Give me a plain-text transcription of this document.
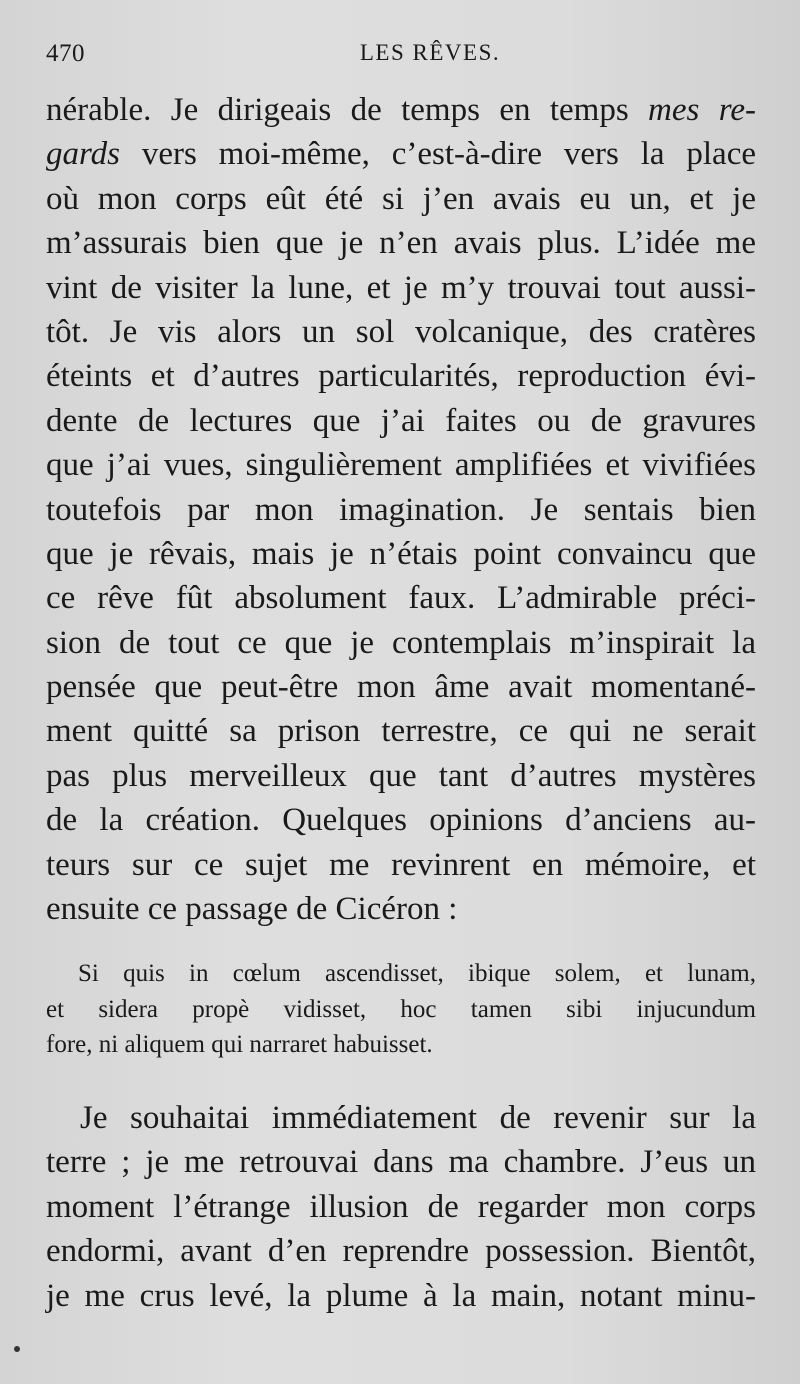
470	LES RÊVES.
nérable. Je dirigeais de temps en temps mes re-
gards vers moi-même, c’est-à-dire vers la place
où mon corps eût été si j’en avais eu un, et je
m’assurais bien que je n’en avais plus. L’idée me
vint de visiter la lune, et je m’y trouvai tout aussi-
tôt. Je vis alors un sol volcanique, des cratères
éteints et d’autres particularités, reproduction évi-
dente de lectures que j’ai faites ou de gravures
que j’ai vues, singulièrement amplifiées et vivifiées
toutefois par mon imagination. Je sentais bien
que je rêvais, mais je n’étais point convaincu que
ce rêve fût absolument faux. L’admirable préci-
sion de tout ce que je contemplais m’inspirait la
pensée que peut-être mon âme avait momentané-
ment quitté sa prison terrestre, ce qui ne serait
pas plus merveilleux que tant d’autres mystères
de la création. Quelques opinions d’anciens au-
teurs sur ce sujet me revinrent en mémoire, et
ensuite ce passage de Cicéron :
Si quis in cœlum ascendisset, ibique solem, et lunam,
et sidera propè vidisset, hoc tamen sibi injucundum
fore, ni aliquem qui narraret habuisset.
Je souhaitai immédiatement de revenir sur la
terre ; je me retrouvai dans ma chambre. J’eus un
moment l’étrange illusion de regarder mon corps
endormi, avant d’en reprendre possession. Bientôt,
je me crus levé, la plume à la main, notant minu-
